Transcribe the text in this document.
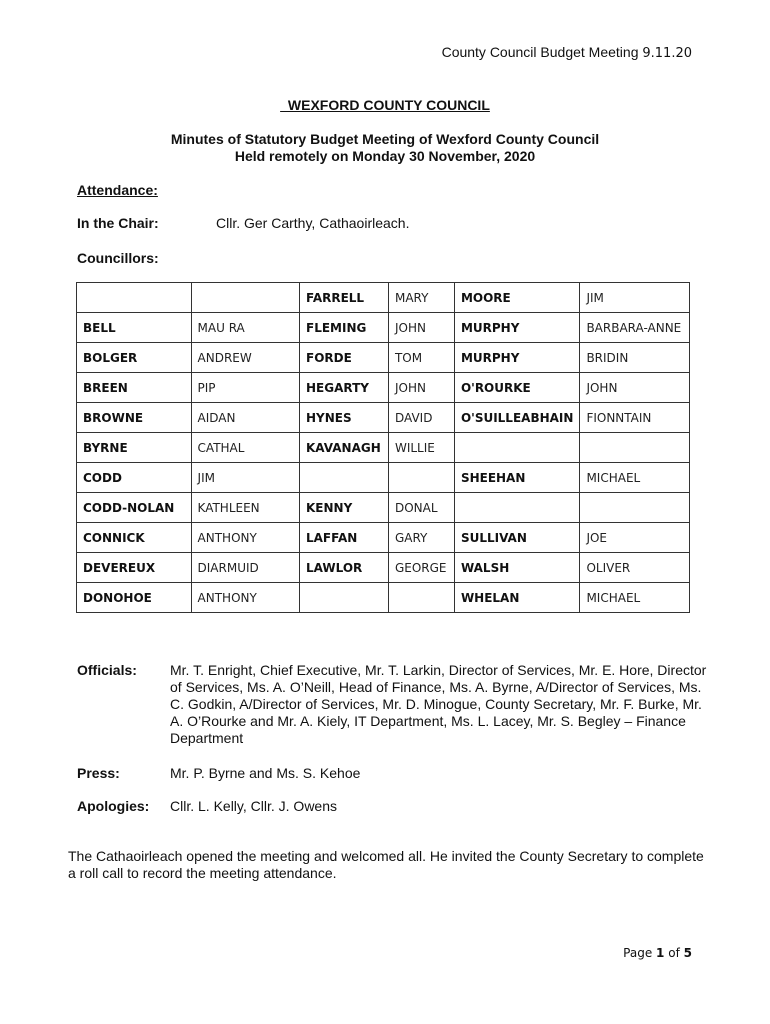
County Council Budget Meeting 9.11.20
WEXFORD COUNTY COUNCIL
Minutes of Statutory Budget Meeting of Wexford County Council
Held remotely on Monday 30 November, 2020
Attendance:
In the Chair:	Cllr. Ger Carthy, Cathaoirleach.
Councillors:
		FARRELL	MARY	MOORE	JIM
BELL	MAU RA	FLEMING	JOHN	MURPHY	BARBARA-ANNE
BOLGER	ANDREW	FORDE	TOM	MURPHY	BRIDIN
BREEN	PIP	HEGARTY	JOHN	O'ROURKE	JOHN
BROWNE	AIDAN	HYNES	DAVID	O'SUILLEABHAIN	FIONNTAIN
BYRNE	CATHAL	KAVANAGH	WILLIE		
CODD	JIM			SHEEHAN	MICHAEL
CODD-NOLAN	KATHLEEN	KENNY	DONAL		
CONNICK	ANTHONY	LAFFAN	GARY	SULLIVAN	JOE
DEVEREUX	DIARMUID	LAWLOR	GEORGE	WALSH	OLIVER
DONOHOE	ANTHONY			WHELAN	MICHAEL
Officials: Mr. T. Enright, Chief Executive, Mr. T. Larkin, Director of Services, Mr. E. Hore, Director of Services, Ms. A. O’Neill, Head of Finance, Ms. A. Byrne, A/Director of Services, Ms. C. Godkin, A/Director of Services, Mr. D. Minogue, County Secretary, Mr. F. Burke, Mr. A. O’Rourke and Mr. A. Kiely, IT Department, Ms. L. Lacey, Mr. S. Begley – Finance Department
Press:	Mr. P. Byrne and Ms. S. Kehoe
Apologies: Cllr. L. Kelly, Cllr. J. Owens
The Cathaoirleach opened the meeting and welcomed all. He invited the County Secretary to complete a roll call to record the meeting attendance.
Page 1 of 5
